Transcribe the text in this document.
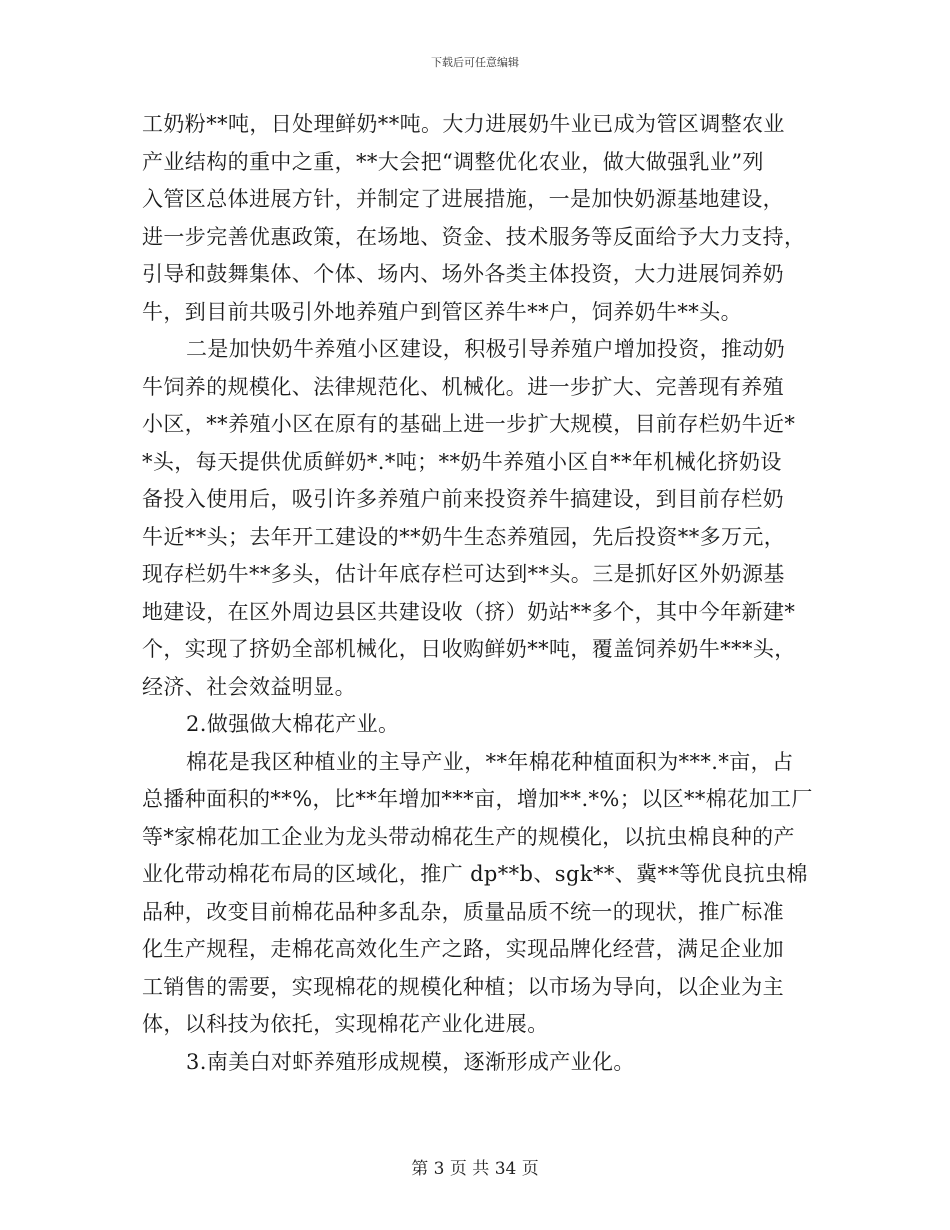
下载后可任意编辑
工奶粉**吨，日处理鲜奶**吨。大力进展奶牛业已成为管区调整农业
产业结构的重中之重，**大会把“调整优化农业，做大做强乳业”列
入管区总体进展方针，并制定了进展措施，一是加快奶源基地建设，
进一步完善优惠政策，在场地、资金、技术服务等反面给予大力支持，
引导和鼓舞集体、个体、场内、场外各类主体投资，大力进展饲养奶
牛，到目前共吸引外地养殖户到管区养牛**户，饲养奶牛**头。
二是加快奶牛养殖小区建设，积极引导养殖户增加投资，推动奶
牛饲养的规模化、法律规范化、机械化。进一步扩大、完善现有养殖
小区，**养殖小区在原有的基础上进一步扩大规模，目前存栏奶牛近*
*头，每天提供优质鲜奶*.*吨；**奶牛养殖小区自**年机械化挤奶设
备投入使用后，吸引许多养殖户前来投资养牛搞建设，到目前存栏奶
牛近**头；去年开工建设的**奶牛生态养殖园，先后投资**多万元，
现存栏奶牛**多头，估计年底存栏可达到**头。三是抓好区外奶源基
地建设，在区外周边县区共建设收（挤）奶站**多个，其中今年新建*
个，实现了挤奶全部机械化，日收购鲜奶**吨，覆盖饲养奶牛***头，
经济、社会效益明显。
2.做强做大棉花产业。
棉花是我区种植业的主导产业，**年棉花种植面积为***.*亩，占
总播种面积的**%，比**年增加***亩，增加**.*%；以区**棉花加工厂
等*家棉花加工企业为龙头带动棉花生产的规模化，以抗虫棉良种的产
业化带动棉花布局的区域化，推广 dp**b、sgk**、冀**等优良抗虫棉
品种，改变目前棉花品种多乱杂，质量品质不统一的现状，推广标准
化生产规程，走棉花高效化生产之路，实现品牌化经营，满足企业加
工销售的需要，实现棉花的规模化种植；以市场为导向，以企业为主
体，以科技为依托，实现棉花产业化进展。
3.南美白对虾养殖形成规模，逐渐形成产业化。
第 3 页 共 34 页
